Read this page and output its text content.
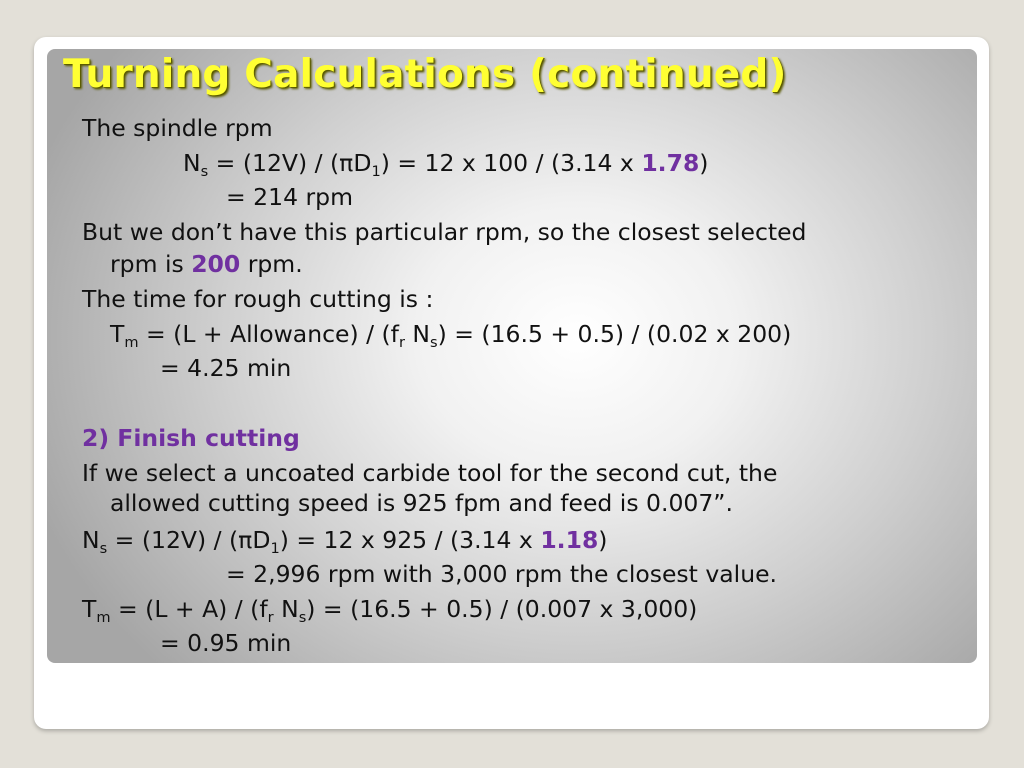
Turning Calculations (continued)

The spindle rpm

$N_s = (12V) / (\pi D_1) = 12$ x 100 / (3.14 x 1.78)

= 214 rpm

But we don’t have this particular rpm, so the closest selected

rpm is 200 rpm.

The time for rough cutting is :

$T_m = (L$ + Allowance) / ($f_r$ $N_s) = (16.5 + 0.5) / (0.02$ x 200)

= 4.25 min

2) Finish cutting

If we select a uncoated carbide tool for the second cut, the

allowed cutting speed is 925 fpm and feed is 0.007”.

$N_s = (12V) / (\pi D_1) = 12$ x 925 / (3.14 x 1.18)

= 2,996 rpm with 3,000 rpm the closest value.

$T_m = (L + A) / (f_r$ $N_s) = (16.5 + 0.5) / (0.007$ x 3,000)

= 0.95 min
